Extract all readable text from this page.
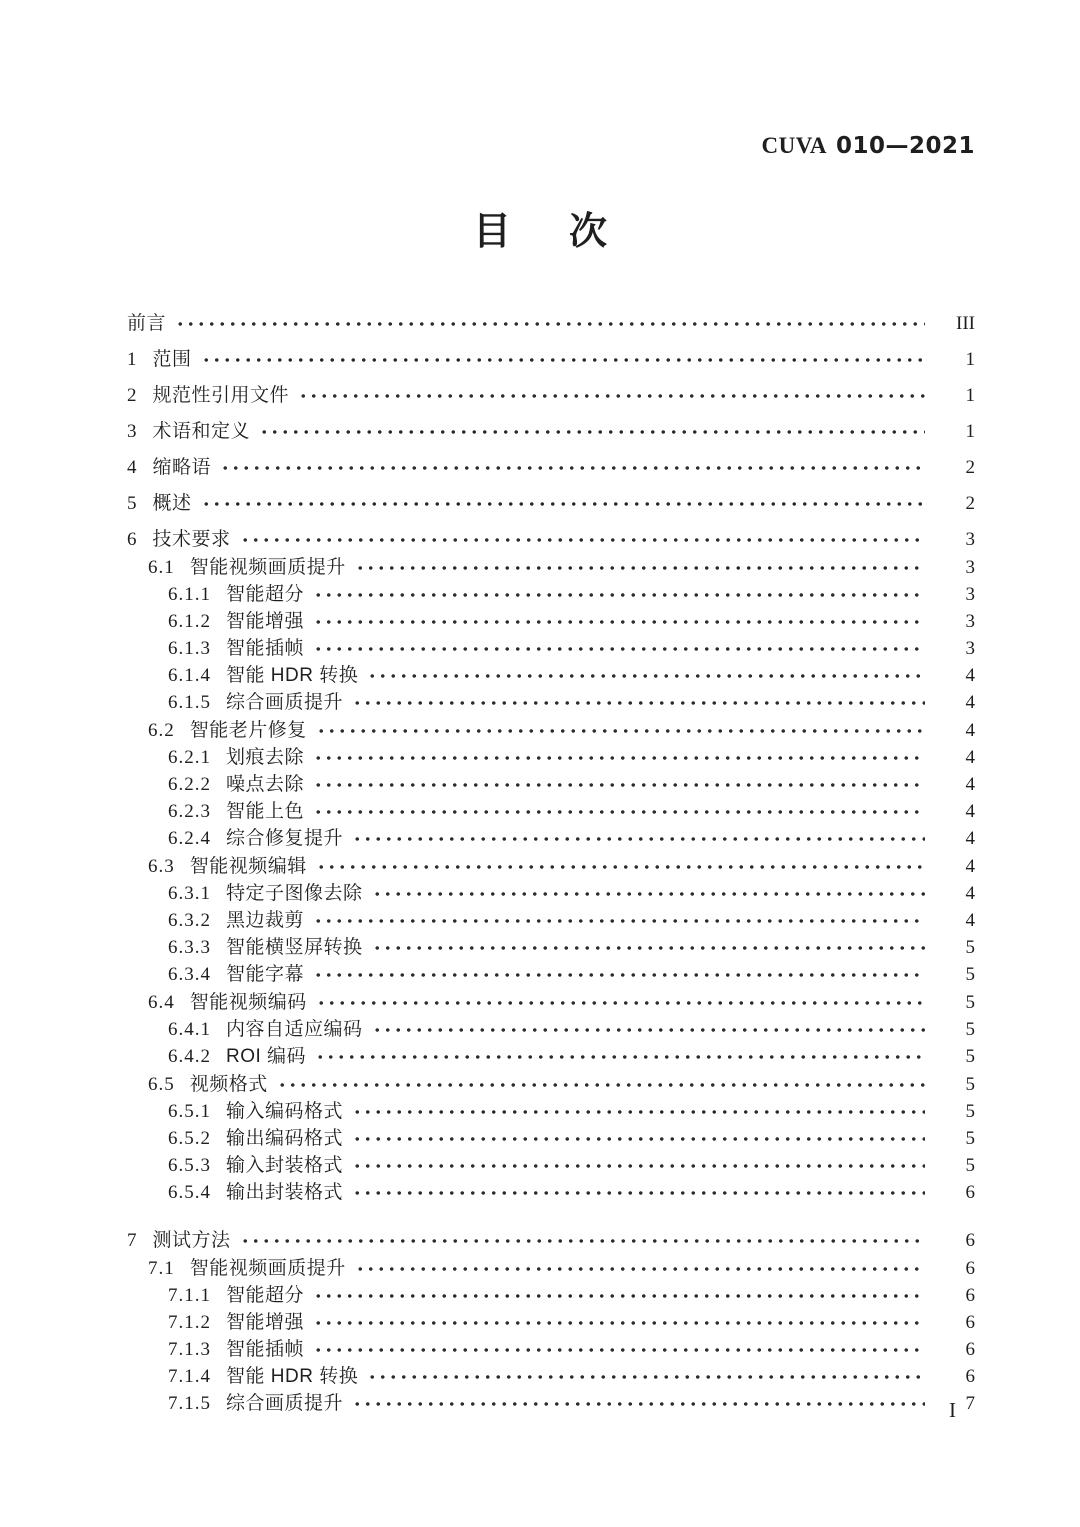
CUVA 010—2021
目 次
前言	III
1 范围	1
2 规范性引用文件	1
3 术语和定义	1
4 缩略语	2
5 概述	2
6 技术要求	3
6.1 智能视频画质提升	3
6.1.1 智能超分	3
6.1.2 智能增强	3
6.1.3 智能插帧	3
6.1.4 智能 HDR 转换	4
6.1.5 综合画质提升	4
6.2 智能老片修复	4
6.2.1 划痕去除	4
6.2.2 噪点去除	4
6.2.3 智能上色	4
6.2.4 综合修复提升	4
6.3 智能视频编辑	4
6.3.1 特定子图像去除	4
6.3.2 黑边裁剪	4
6.3.3 智能横竖屏转换	5
6.3.4 智能字幕	5
6.4 智能视频编码	5
6.4.1 内容自适应编码	5
6.4.2 ROI 编码	5
6.5 视频格式	5
6.5.1 输入编码格式	5
6.5.2 输出编码格式	5
6.5.3 输入封装格式	5
6.5.4 输出封装格式	6
7 测试方法	6
7.1 智能视频画质提升	6
7.1.1 智能超分	6
7.1.2 智能增强	6
7.1.3 智能插帧	6
7.1.4 智能 HDR 转换	6
7.1.5 综合画质提升	7
I
